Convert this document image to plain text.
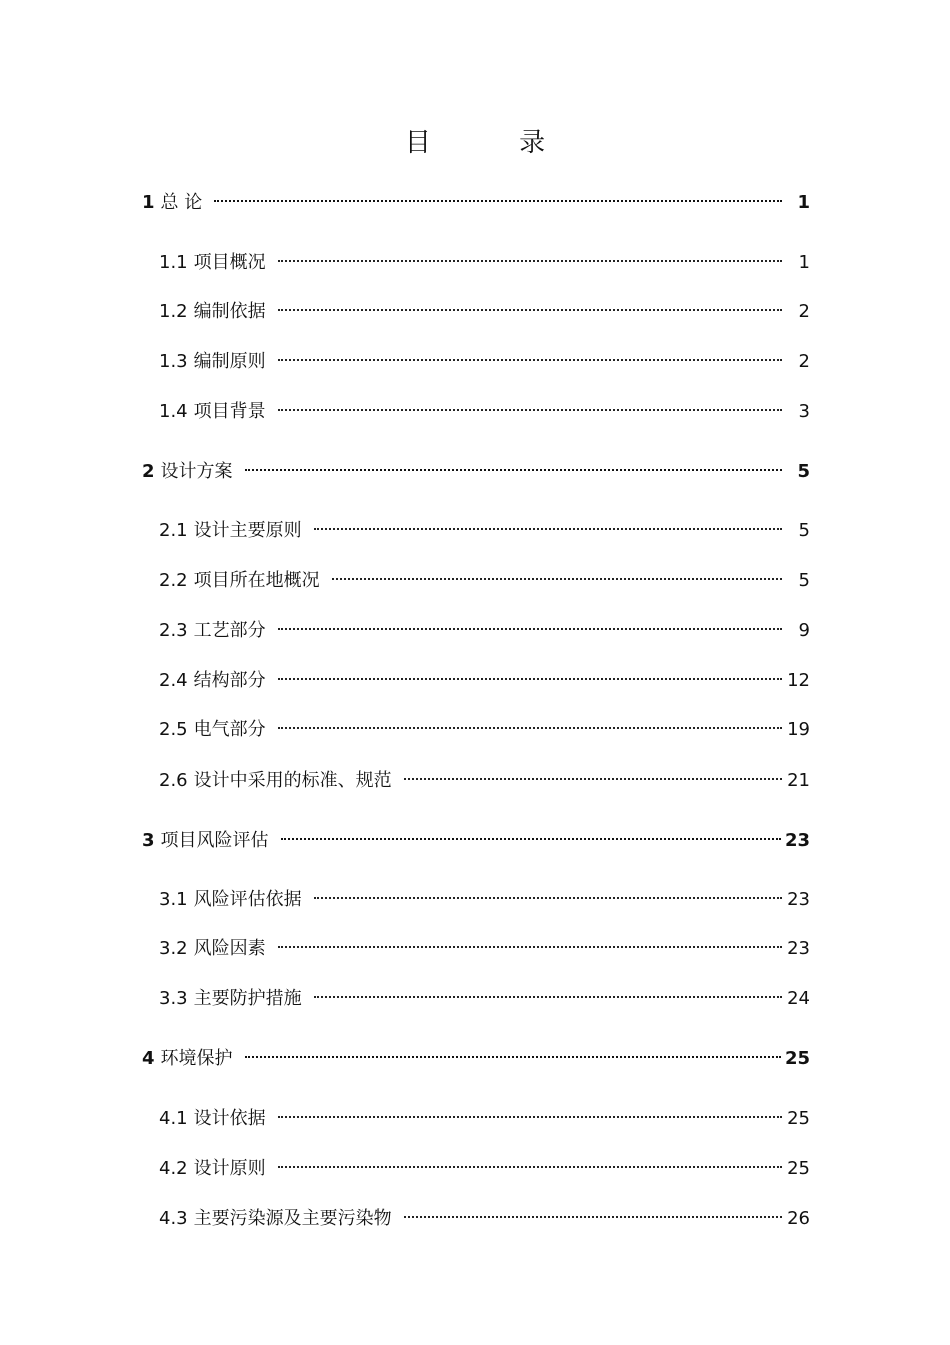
目 录
1 总 论	1
1.1 项目概况	1
1.2 编制依据	2
1.3 编制原则	2
1.4 项目背景	3
2 设计方案	5
2.1 设计主要原则	5
2.2 项目所在地概况	5
2.3 工艺部分	9
2.4 结构部分	12
2.5 电气部分	19
2.6 设计中采用的标准、规范	21
3 项目风险评估	23
3.1 风险评估依据	23
3.2 风险因素	23
3.3 主要防护措施	24
4 环境保护	25
4.1 设计依据	25
4.2 设计原则	25
4.3 主要污染源及主要污染物	26
